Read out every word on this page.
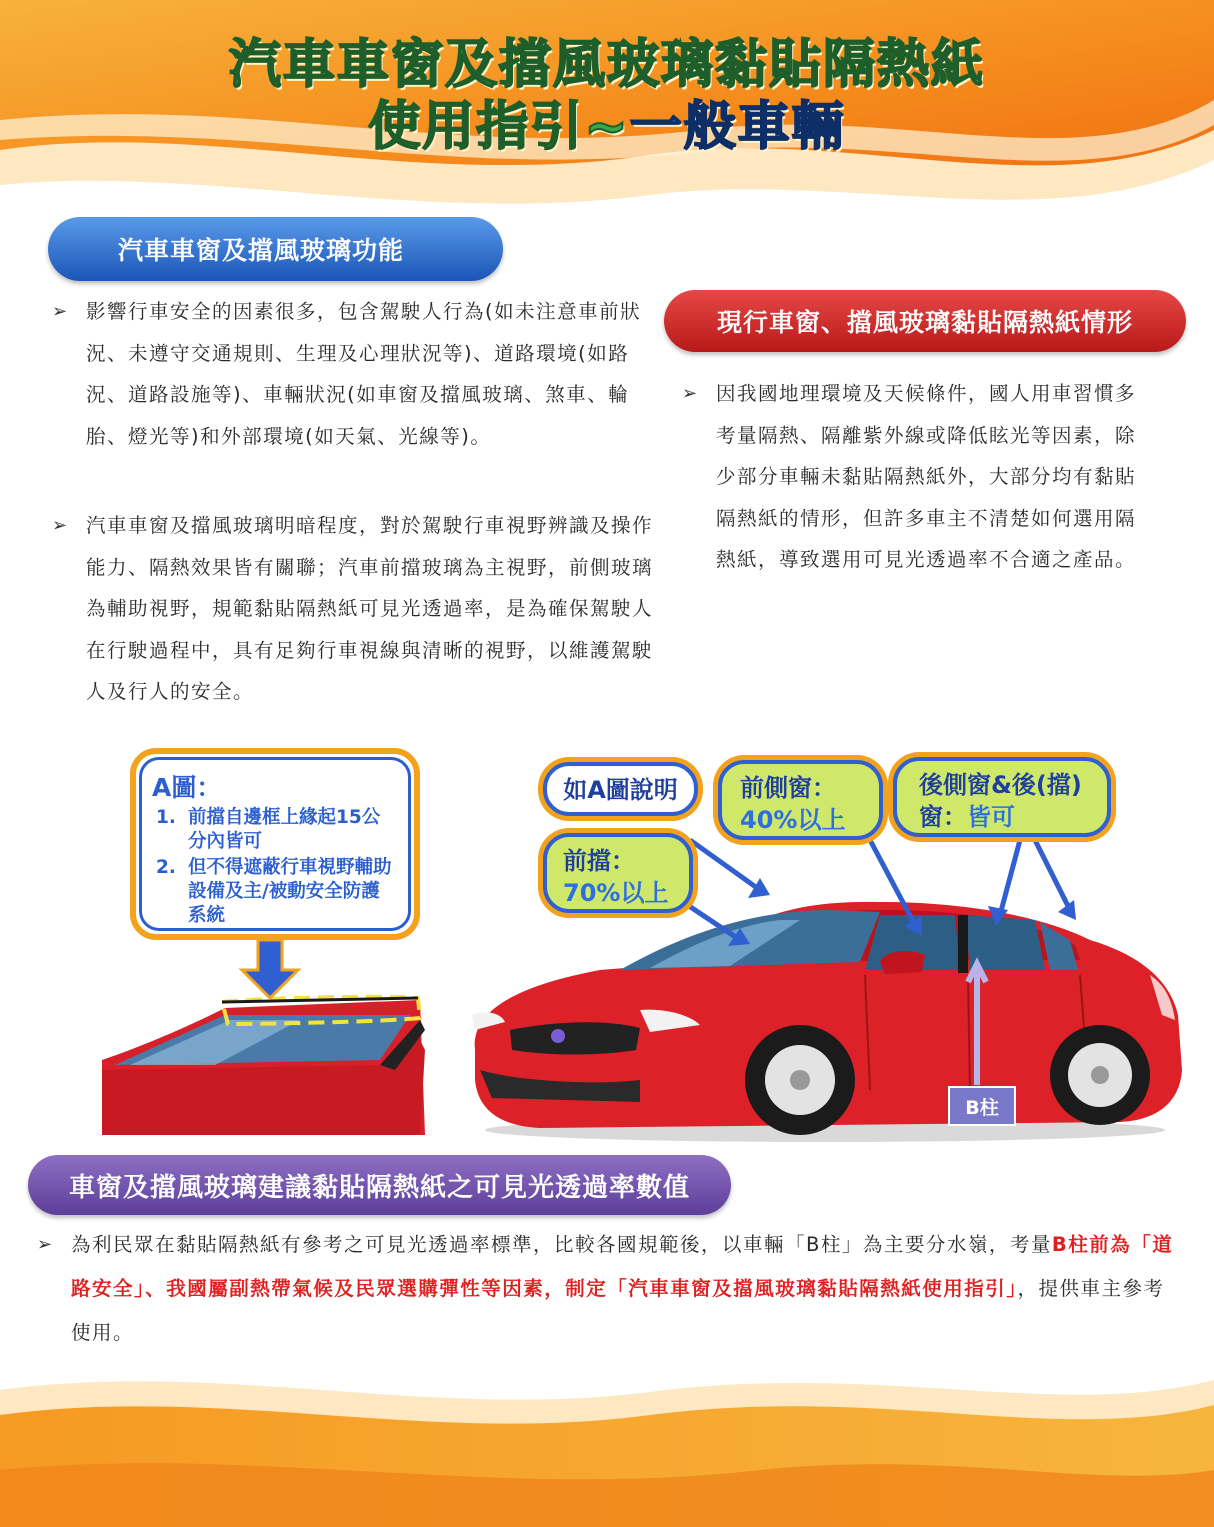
汽車車窗及擋風玻璃黏貼隔熱紙
使用指引~一般車輛
汽車車窗及擋風玻璃功能
➢ 影響行車安全的因素很多，包含駕駛人行為(如未注意車前狀況、未遵守交通規則、生理及心理狀況等)、道路環境(如路況、道路設施等)、車輛狀況(如車窗及擋風玻璃、煞車、輪胎、燈光等)和外部環境(如天氣、光線等)。
➢ 汽車車窗及擋風玻璃明暗程度，對於駕駛行車視野辨識及操作能力、隔熱效果皆有關聯；汽車前擋玻璃為主視野，前側玻璃為輔助視野，規範黏貼隔熱紙可見光透過率，是為確保駕駛人在行駛過程中，具有足夠行車視線與清晰的視野，以維護駕駛人及行人的安全。
現行車窗、擋風玻璃黏貼隔熱紙情形
➢ 因我國地理環境及天候條件，國人用車習慣多考量隔熱、隔離紫外線或降低眩光等因素，除少部分車輛未黏貼隔熱紙外，大部分均有黏貼隔熱紙的情形，但許多車主不清楚如何選用隔熱紙，導致選用可見光透過率不合適之產品。
A圖：
1. 前擋自邊框上緣起15公分內皆可
2. 但不得遮蔽行車視野輔助設備及主/被動安全防護系統
如A圖說明
前擋：
70%以上
前側窗：
40%以上
後側窗&後(擋)窗：皆可
B柱
車窗及擋風玻璃建議黏貼隔熱紙之可見光透過率數值
➢ 為利民眾在黏貼隔熱紙有參考之可見光透過率標準，比較各國規範後，以車輛「B柱」為主要分水嶺，考量B柱前為「道路安全」、我國屬副熱帶氣候及民眾選購彈性等因素，制定「汽車車窗及擋風玻璃黏貼隔熱紙使用指引」，提供車主參考使用。
